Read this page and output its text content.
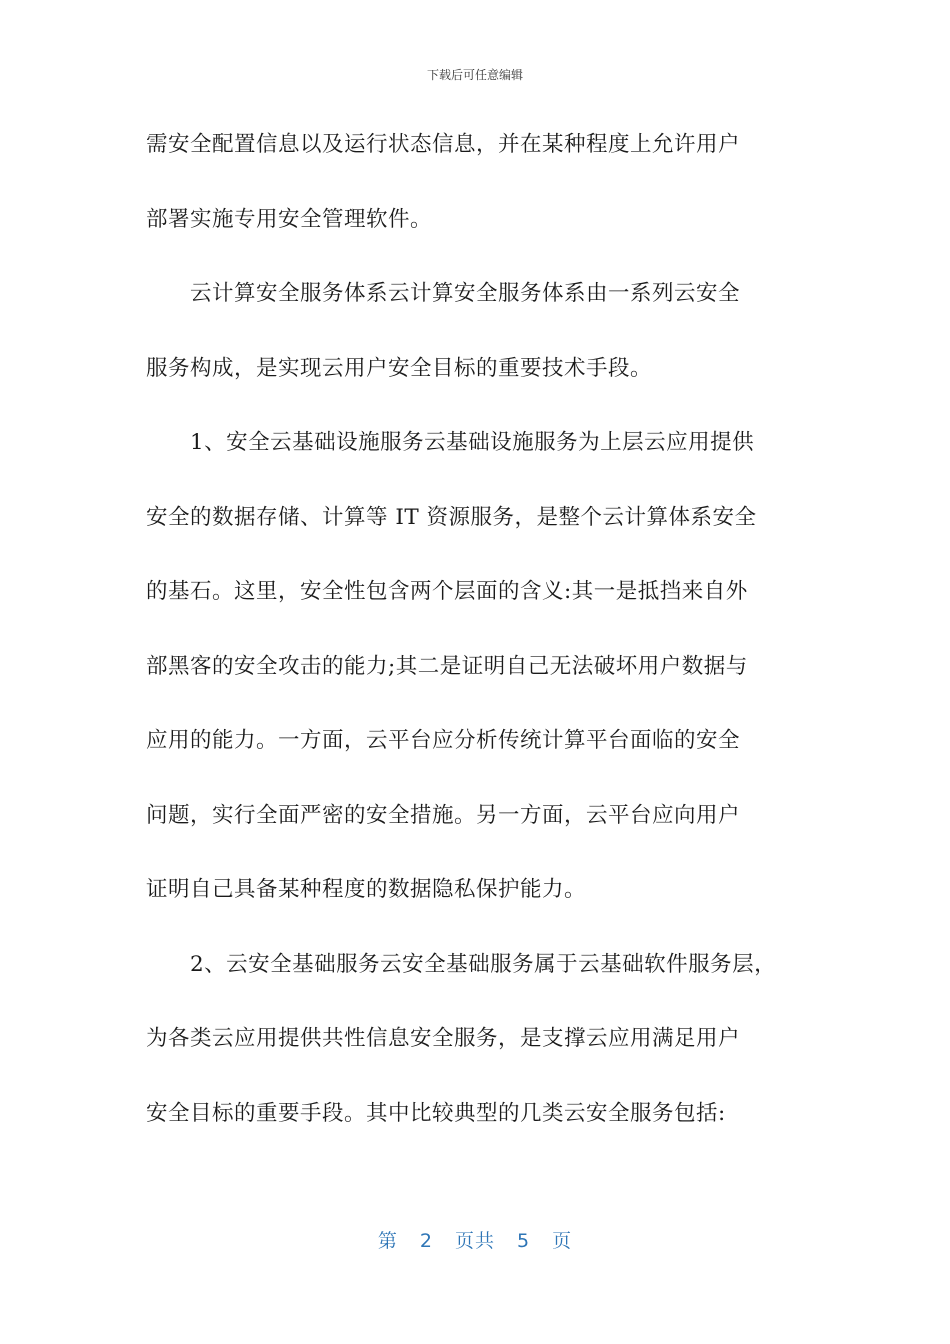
下载后可任意编辑
需安全配置信息以及运行状态信息，并在某种程度上允许用户
部署实施专用安全管理软件。
云计算安全服务体系云计算安全服务体系由一系列云安全
服务构成，是实现云用户安全目标的重要技术手段。
1、安全云基础设施服务云基础设施服务为上层云应用提供
安全的数据存储、计算等 IT 资源服务，是整个云计算体系安全
的基石。这里，安全性包含两个层面的含义:其一是抵挡来自外
部黑客的安全攻击的能力;其二是证明自己无法破坏用户数据与
应用的能力。一方面，云平台应分析传统计算平台面临的安全
问题，实行全面严密的安全措施。另一方面，云平台应向用户
证明自己具备某种程度的数据隐私保护能力。
2、云安全基础服务云安全基础服务属于云基础软件服务层，
为各类云应用提供共性信息安全服务，是支撑云应用满足用户
安全目标的重要手段。其中比较典型的几类云安全服务包括:
第 2 页共 5 页
